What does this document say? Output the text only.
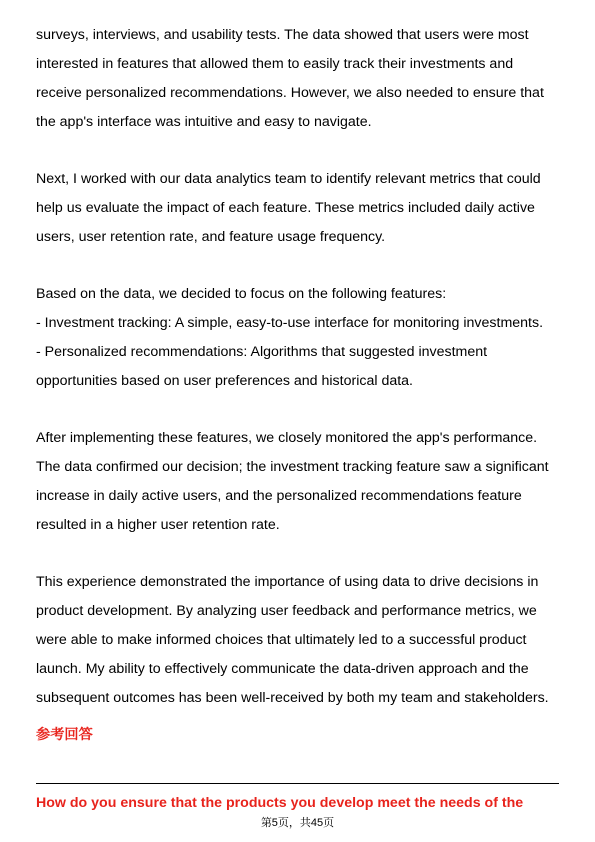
surveys, interviews, and usability tests. The data showed that users were most
interested in features that allowed them to easily track their investments and
receive personalized recommendations. However, we also needed to ensure that
the app's interface was intuitive and easy to navigate.
Next, I worked with our data analytics team to identify relevant metrics that could
help us evaluate the impact of each feature. These metrics included daily active
users, user retention rate, and feature usage frequency.
Based on the data, we decided to focus on the following features:
- Investment tracking: A simple, easy-to-use interface for monitoring investments.
- Personalized recommendations: Algorithms that suggested investment
opportunities based on user preferences and historical data.
After implementing these features, we closely monitored the app's performance.
The data confirmed our decision; the investment tracking feature saw a significant
increase in daily active users, and the personalized recommendations feature
resulted in a higher user retention rate.
This experience demonstrated the importance of using data to drive decisions in
product development. By analyzing user feedback and performance metrics, we
were able to make informed choices that ultimately led to a successful product
launch. My ability to effectively communicate the data-driven approach and the
subsequent outcomes has been well-received by both my team and stakeholders.
参考回答
How do you ensure that the products you develop meet the needs of the
第5页，共45页
